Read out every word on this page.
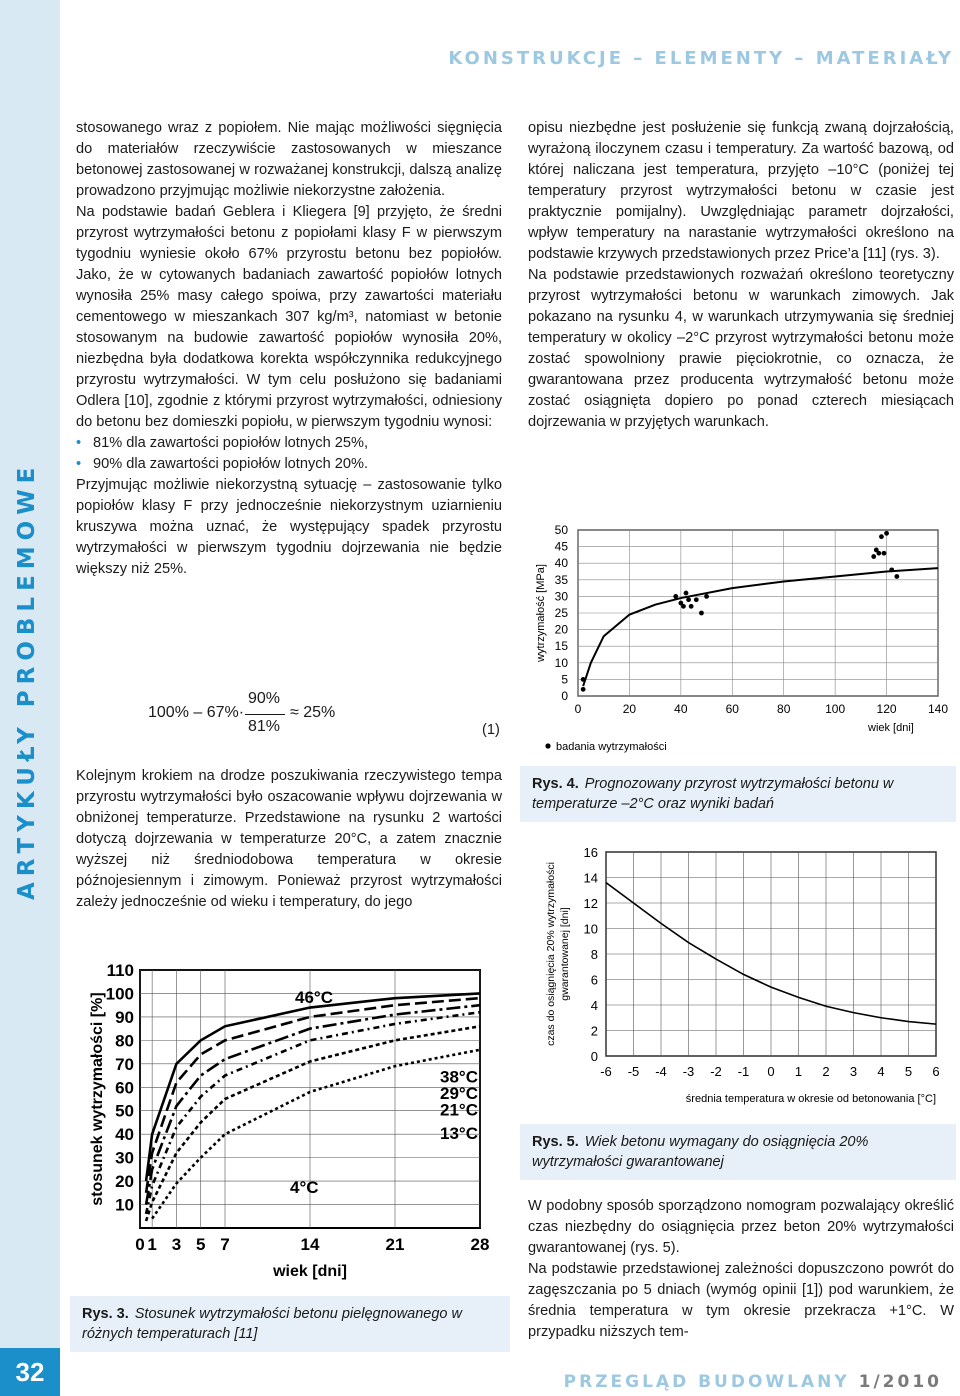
ARTYKUŁY PROBLEMOWE
32
KONSTRUKCJE – ELEMENTY – MATERIAŁY

stosowanego wraz z popiołem. Nie mając możliwości sięgnięcia do materiałów rzeczywiście zastosowanych w mieszance betonowej zastosowanej w rozważanej konstrukcji, dalszą analizę prowadzono przyjmując możliwie niekorzystne założenia.

Na podstawie badań Geblera i Kliegera [9] przyjęto, że średni przyrost wytrzymałości betonu z popiołami klasy F w pierwszym tygodniu wyniesie około 67% przyrostu betonu bez popiołów. Jako, że w cytowanych badaniach zawartość popiołów lotnych wynosiła 25% masy całego spoiwa, przy zawartości materiału cementowego w mieszankach 307 kg/m³, natomiast w betonie stosowanym na budowie zawartość popiołów wynosiła 20%, niezbędna była dodatkowa korekta współczynnika redukcyjnego przyrostu wytrzymałości. W tym celu posłużono się badaniami Odlera [10], zgodnie z którymi przyrost wytrzymałości, odniesiony do betonu bez domieszki popiołu, w pierwszym tygodniu wynosi:

• 81% dla zawartości popiołów lotnych 25%,
• 90% dla zawartości popiołów lotnych 20%.

Przyjmując możliwie niekorzystną sytuację – zastosowanie tylko popiołów klasy F przy jednocześnie niekorzystnym uziarnieniu kruszywa można uznać, że występujący spadek przyrostu wytrzymałości w pierwszym tygodniu dojrzewania nie będzie większy niż 25%.

100% – 67%·
90%
81%
≈ 25%
(1)

Kolejnym krokiem na drodze poszukiwania rzeczywistego tempa przyrostu wytrzymałości było oszacowanie wpływu dojrzewania w obniżonej temperaturze. Przedstawione na rysunku 2 wartości dotyczą dojrzewania w temperaturze 20°C, a zatem znacznie wyższej niż średniodobowa temperatura w okresie późnojesiennym i zimowym. Ponieważ przyrost wytrzymałości zależy jednocześnie od wieku i temperatury, do jego

10
20
30
40
50
60
70
80
90
100
110
0 1 3 5 7	14	21	28
wiek [dni]
stosunek wytrzymałości [%]	46°C
38°C
29°C
21°C
13°C
4°C
Rys. 3. Stosunek wytrzymałości betonu pielęgnowanego w różnych temperaturach [11]

opisu niezbędne jest posłużenie się funkcją zwaną dojrzałością, wyrażoną iloczynem czasu i temperatury. Za wartość bazową, od której naliczana jest temperatura, przyjęto –10°C (poniżej tej temperatury przyrost wytrzymałości betonu w czasie jest praktycznie pomijalny). Uwzględniając parametr dojrzałości, wpływ temperatury na narastanie wytrzymałości określono na podstawie krzywych przedstawionych przez Price’a [11] (rys. 3).

Na podstawie przedstawionych rozważań określono teoretyczny przyrost wytrzymałości betonu w warunkach zimowych. Jak pokazano na rysunku 4, w warunkach utrzymywania się średniej temperatury w okolicy –2°C przyrost wytrzymałości betonu może zostać spowolniony prawie pięciokrotnie, co oznacza, że gwarantowana przez producenta wytrzymałość betonu może zostać osiągnięta dopiero po ponad czterech miesiącach dojrzewania w przyjętych warunkach.

0
5
10
15
20
25
30
35
40
45
50
0	20	40	60	80	100	120	140
wiek [dni]
wytrzymałość [MPa]
badania wytrzymałości
Rys. 4. Prognozowany przyrost wytrzymałości betonu w temperaturze –2°C oraz wyniki badań
0
2
4
6
8
10
12
14
16
-6 -5 -4 -3 -2 -1 0 1 2 3 4 5 6
średnia temperatura w okresie od betonowania [°C]
czas do osiągnięcia 20% wytrzymałości gwarantowanej [dni]
Rys. 5. Wiek betonu wymagany do osiągnięcia 20% wytrzymałości gwarantowanej

W podobny sposób sporządzono nomogram pozwalający określić czas niezbędny do osiągnięcia przez beton 20% wytrzymałości gwarantowanej (rys. 5).

Na podstawie przedstawionej zależności dopuszczono powrót do zagęszczania po 5 dniach (wymóg opinii [1]) pod warunkiem, że średnia temperatura w tym okresie przekracza +1°C. W przypadku niższych tem-

PRZEGLĄD BUDOWLANY 1/2010
